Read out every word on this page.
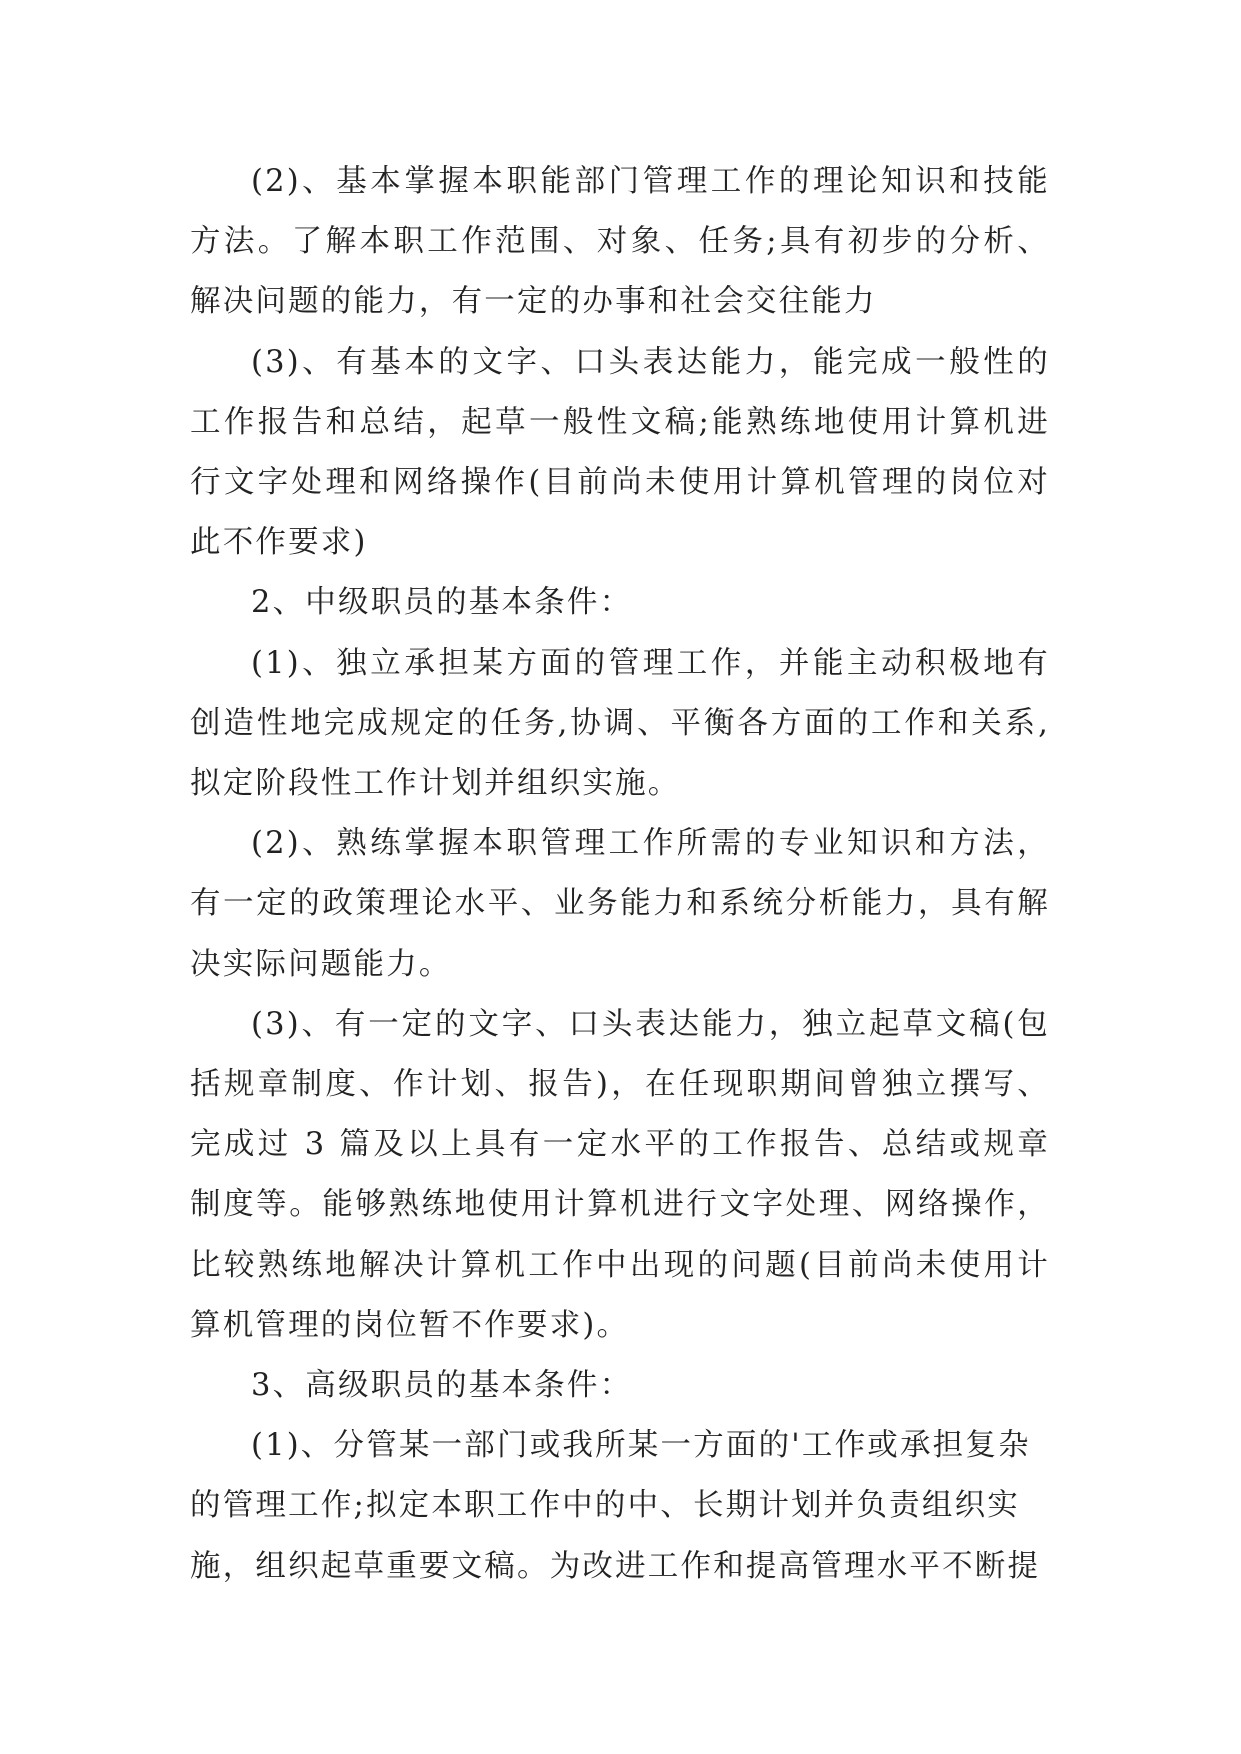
(2)、基本掌握本职能部门管理工作的理论知识和技能方法。了解本职工作范围、对象、任务;具有初步的分析、解决问题的能力，有一定的办事和社会交往能力

(3)、有基本的文字、口头表达能力，能完成一般性的工作报告和总结，起草一般性文稿;能熟练地使用计算机进行文字处理和网络操作(目前尚未使用计算机管理的岗位对此不作要求)

2、中级职员的基本条件：

(1)、独立承担某方面的管理工作，并能主动积极地有创造性地完成规定的任务,协调、平衡各方面的工作和关系,拟定阶段性工作计划并组织实施。

(2)、熟练掌握本职管理工作所需的专业知识和方法，有一定的政策理论水平、业务能力和系统分析能力，具有解决实际问题能力。

(3)、有一定的文字、口头表达能力，独立起草文稿(包括规章制度、作计划、报告)，在任现职期间曾独立撰写、完成过 3 篇及以上具有一定水平的工作报告、总结或规章制度等。能够熟练地使用计算机进行文字处理、网络操作，比较熟练地解决计算机工作中出现的问题(目前尚未使用计算机管理的岗位暂不作要求)。

3、高级职员的基本条件：

(1)、分管某一部门或我所某一方面的'工作或承担复杂的管理工作;拟定本职工作中的中、长期计划并负责组织实施，组织起草重要文稿。为改进工作和提高管理水平不断提
